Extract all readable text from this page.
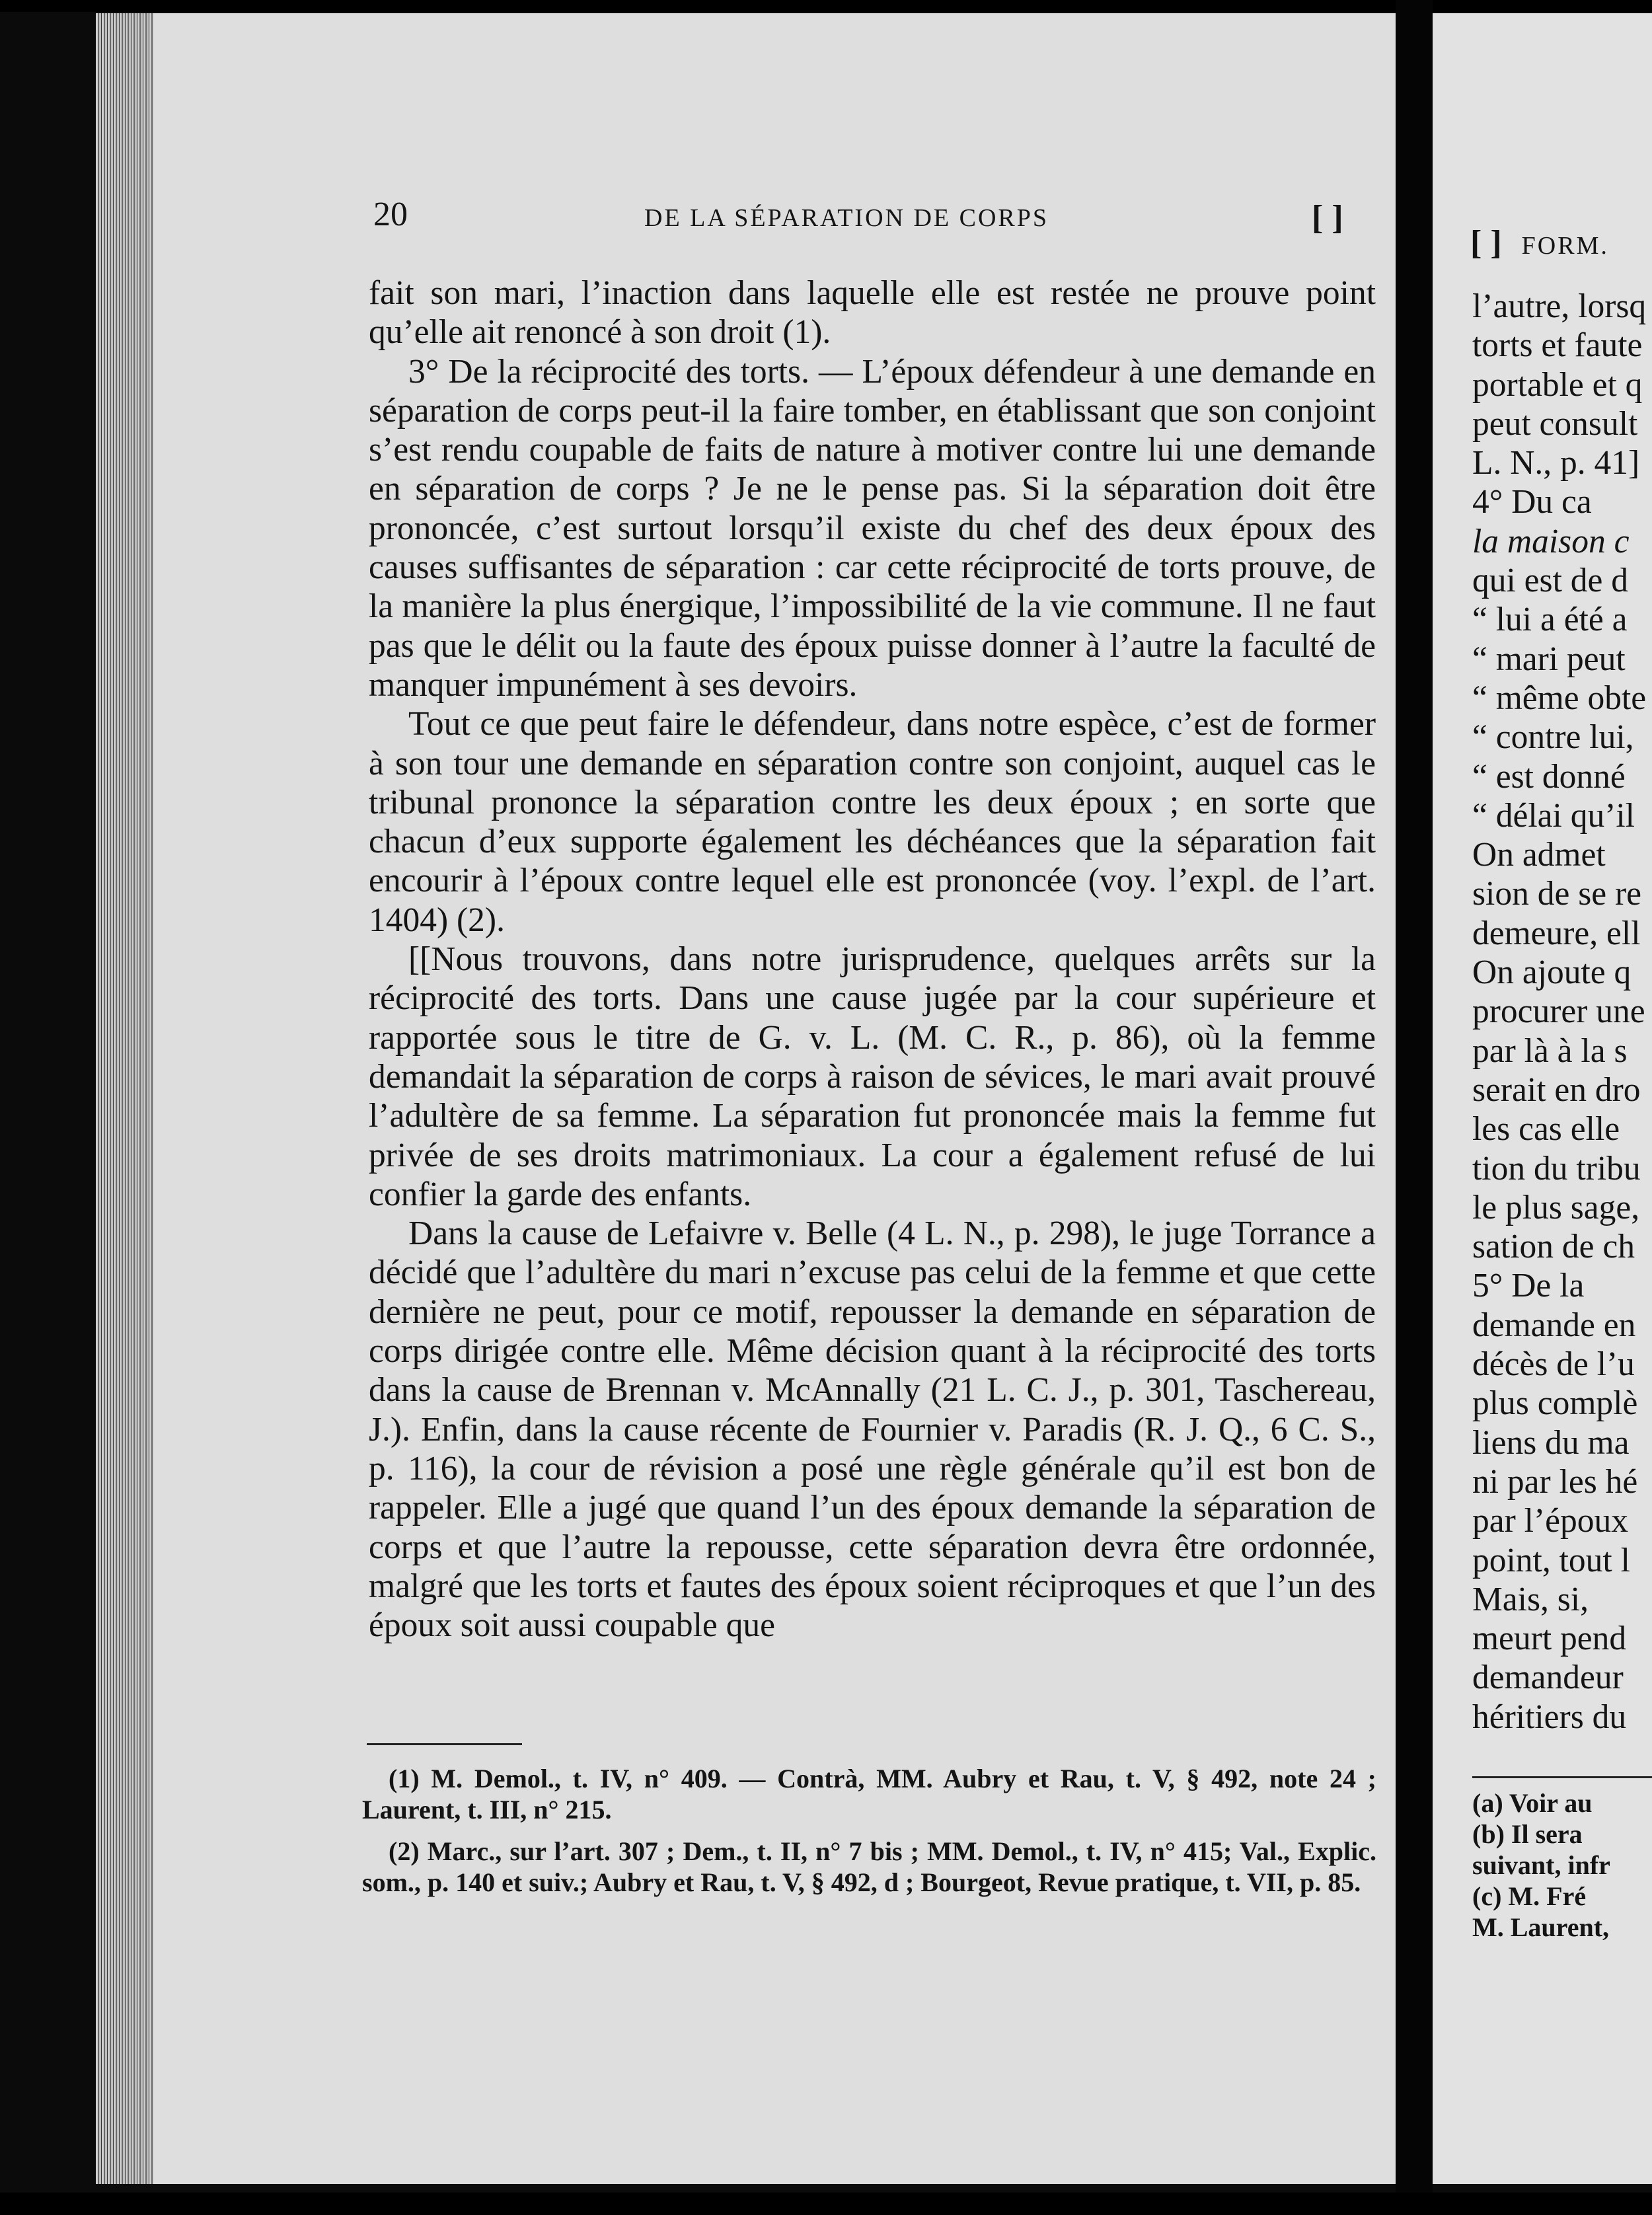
[ ] FORM.
l’autre, lorsq
torts et faute
portable et q
peut consult
L. N., p. 41]
4° Du ca
la maison c
qui est de d
“ lui a été a
“ mari peut
“ même obte
“ contre lui,
“ est donné
“ délai qu’il
On admet
sion de se re
demeure, ell
On ajoute q
procurer une
par là à la s
serait en dro
les cas elle
tion du tribu
le plus sage,
sation de ch
5° De la
demande en
décès de l’u
plus complè
liens du ma
ni par les hé
par l’époux
point, tout l
Mais, si,
meurt pend
demandeur
héritiers du
(a) Voir au
(b) Il sera
suivant, infr
(c) M. Fré
M. Laurent,
20	DE LA SÉPARATION DE CORPS	[ ]

fait son mari, l’inaction dans laquelle elle est restée ne prouve point qu’elle ait renoncé à son droit (1).

3° De la réciprocité des torts. — L’époux défendeur à une demande en séparation de corps peut-il la faire tomber, en établissant que son conjoint s’est rendu coupable de faits de nature à motiver contre lui une demande en séparation de corps ? Je ne le pense pas. Si la séparation doit être prononcée, c’est surtout lorsqu’il existe du chef des deux époux des causes suffisantes de séparation : car cette réciprocité de torts prouve, de la manière la plus énergique, l’impossibilité de la vie commune. Il ne faut pas que le délit ou la faute des époux puisse donner à l’autre la faculté de manquer impunément à ses devoirs.

Tout ce que peut faire le défendeur, dans notre espèce, c’est de former à son tour une demande en séparation contre son conjoint, auquel cas le tribunal prononce la séparation contre les deux époux ; en sorte que chacun d’eux supporte également les déchéances que la séparation fait encourir à l’époux contre lequel elle est prononcée (voy. l’expl. de l’art. 1404) (2).

[[Nous trouvons, dans notre jurisprudence, quelques arrêts sur la réciprocité des torts. Dans une cause jugée par la cour supérieure et rapportée sous le titre de G. v. L. (M. C. R., p. 86), où la femme demandait la séparation de corps à raison de sévices, le mari avait prouvé l’adultère de sa femme. La séparation fut prononcée mais la femme fut privée de ses droits matrimoniaux. La cour a également refusé de lui confier la garde des enfants.

Dans la cause de Lefaivre v. Belle (4 L. N., p. 298), le juge Torrance a décidé que l’adultère du mari n’excuse pas celui de la femme et que cette dernière ne peut, pour ce motif, repousser la demande en séparation de corps dirigée contre elle. Même décision quant à la réciprocité des torts dans la cause de Brennan v. McAnnally (21 L. C. J., p. 301, Taschereau, J.). Enfin, dans la cause récente de Fournier v. Paradis (R. J. Q., 6 C. S., p. 116), la cour de révision a posé une règle générale qu’il est bon de rappeler. Elle a jugé que quand l’un des époux demande la séparation de corps et que l’autre la repousse, cette séparation devra être ordonnée, malgré que les torts et fautes des époux soient réciproques et que l’un des époux soit aussi coupable que

(1) M. Demol., t. IV, n° 409. — Contrà, MM. Aubry et Rau, t. V, § 492, note 24 ; Laurent, t. III, n° 215.

(2) Marc., sur l’art. 307 ; Dem., t. II, n° 7 bis ; MM. Demol., t. IV, n° 415; Val., Explic. som., p. 140 et suiv.; Aubry et Rau, t. V, § 492, d ; Bourgeot, Revue pratique, t. VII, p. 85.
